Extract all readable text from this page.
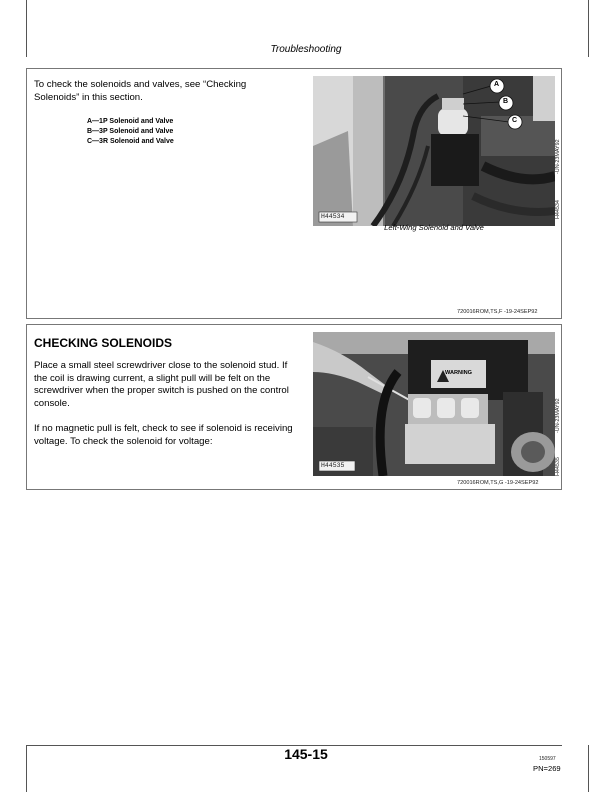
Troubleshooting
To check the solenoids and valves, see “Checking Solenoids” in this section.
A—1P Solenoid and Valve
B—3P Solenoid and Valve
C—3R Solenoid and Valve
H44534
A
B
C
-UN-23MAY92
H44534
Left-Wing Solenoid and Valve
720016ROM,TS,F -19-24SEP92
CHECKING SOLENOIDS
Place a small steel screwdriver close to the solenoid stud. If the coil is drawing current, a slight pull will be felt on the screwdriver when the proper switch is pushed on the control console.
If no magnetic pull is felt, check to see if solenoid is receiving voltage. To check the solenoid for voltage:
WARNING
H44535
-UN-23MAY92
H44535
720016ROM,TS,G -19-24SEP92
145-15	150597
PN=269
